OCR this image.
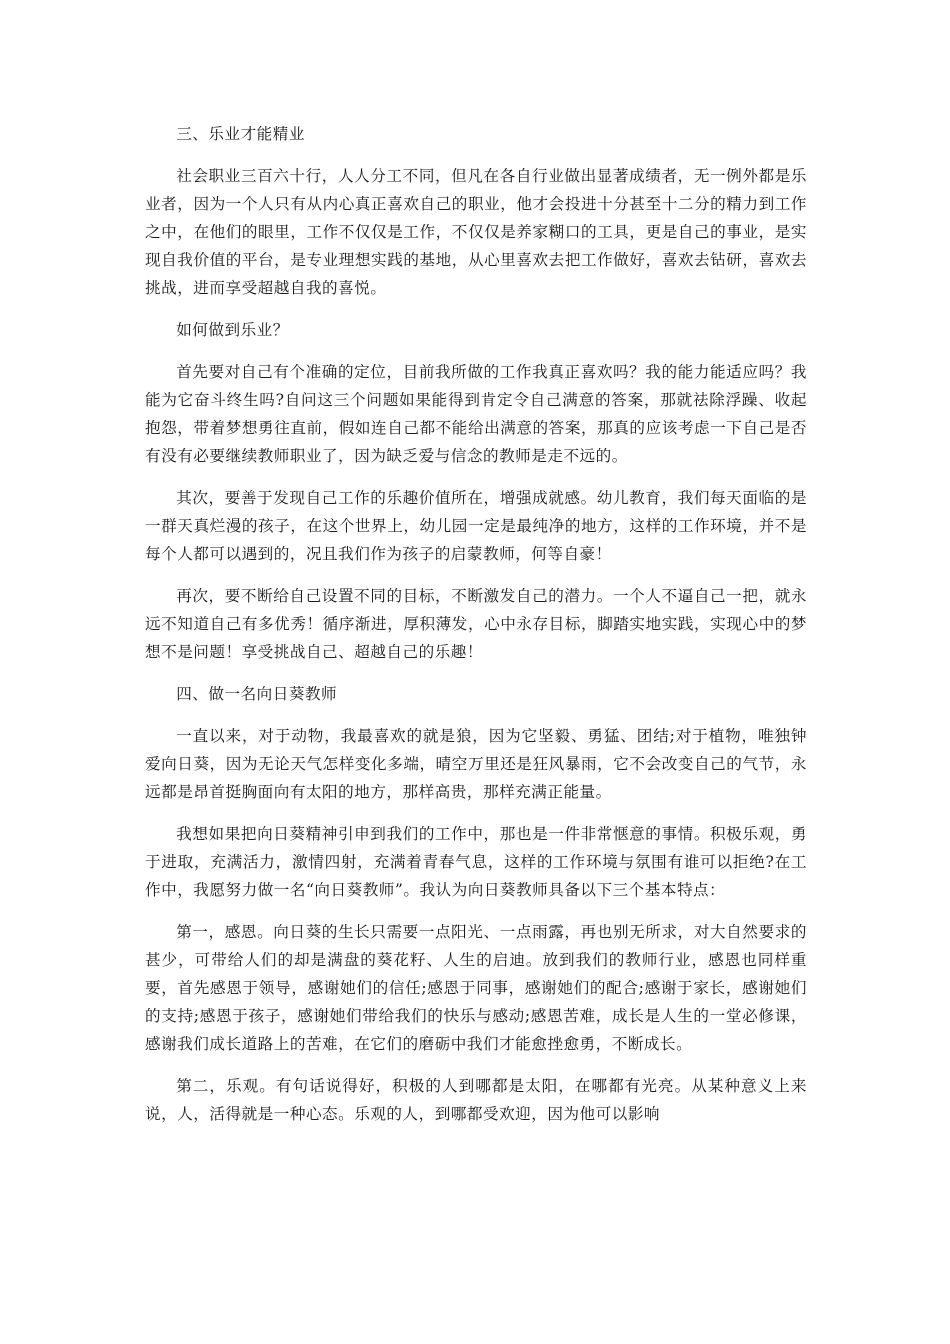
三、乐业才能精业

社会职业三百六十行，人人分工不同，但凡在各自行业做出显著成绩者，无一例外都是乐业者，因为一个人只有从内心真正喜欢自己的职业，他才会投进十分甚至十二分的精力到工作之中，在他们的眼里，工作不仅仅是工作，不仅仅是养家糊口的工具，更是自己的事业，是实现自我价值的平台，是专业理想实践的基地，从心里喜欢去把工作做好，喜欢去钻研，喜欢去挑战，进而享受超越自我的喜悦。

如何做到乐业？

首先要对自己有个准确的定位，目前我所做的工作我真正喜欢吗？我的能力能适应吗？我能为它奋斗终生吗?自问这三个问题如果能得到肯定令自己满意的答案，那就祛除浮躁、收起抱怨，带着梦想勇往直前，假如连自己都不能给出满意的答案，那真的应该考虑一下自己是否有没有必要继续教师职业了，因为缺乏爱与信念的教师是走不远的。

其次，要善于发现自己工作的乐趣价值所在，增强成就感。幼儿教育，我们每天面临的是一群天真烂漫的孩子，在这个世界上，幼儿园一定是最纯净的地方，这样的工作环境，并不是每个人都可以遇到的，况且我们作为孩子的启蒙教师，何等自豪！

再次，要不断给自己设置不同的目标，不断激发自己的潜力。一个人不逼自己一把，就永远不知道自己有多优秀！循序渐进，厚积薄发，心中永存目标，脚踏实地实践，实现心中的梦想不是问题！享受挑战自己、超越自己的乐趣！

四、做一名向日葵教师

一直以来，对于动物，我最喜欢的就是狼，因为它坚毅、勇猛、团结;对于植物，唯独钟爱向日葵，因为无论天气怎样变化多端，晴空万里还是狂风暴雨，它不会改变自己的气节，永远都是昂首挺胸面向有太阳的地方，那样高贵，那样充满正能量。

我想如果把向日葵精神引申到我们的工作中，那也是一件非常惬意的事情。积极乐观，勇于进取，充满活力，激情四射，充满着青春气息，这样的工作环境与氛围有谁可以拒绝?在工作中，我愿努力做一名“向日葵教师”。我认为向日葵教师具备以下三个基本特点：

第一，感恩。向日葵的生长只需要一点阳光、一点雨露，再也别无所求，对大自然要求的甚少，可带给人们的却是满盘的葵花籽、人生的启迪。放到我们的教师行业，感恩也同样重要，首先感恩于领导，感谢她们的信任;感恩于同事，感谢她们的配合;感谢于家长，感谢她们的支持;感恩于孩子，感谢她们带给我们的快乐与感动;感恩苦难，成长是人生的一堂必修课，感谢我们成长道路上的苦难，在它们的磨砺中我们才能愈挫愈勇，不断成长。

第二，乐观。有句话说得好，积极的人到哪都是太阳，在哪都有光亮。从某种意义上来说，人，活得就是一种心态。乐观的人，到哪都受欢迎，因为他可以影响
